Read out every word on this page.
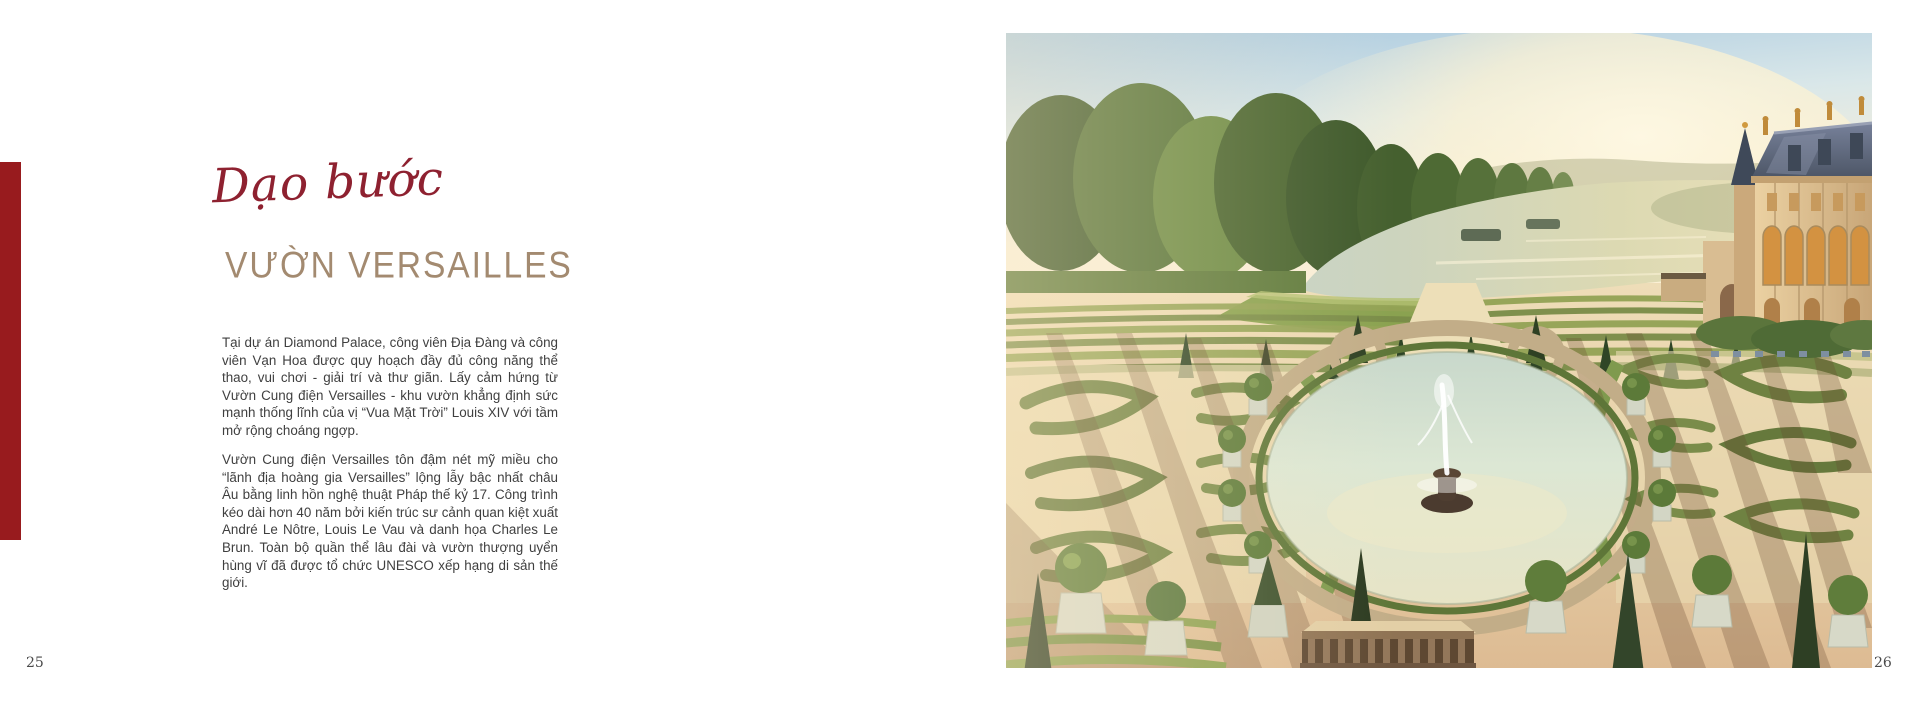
Dạo bước
VƯỜN VERSAILLES

Tại dự án Diamond Palace, công viên Địa Đàng và công viên Vạn Hoa được quy hoạch đầy đủ công năng thể thao, vui chơi - giải trí và thư giãn. Lấy cảm hứng từ Vườn Cung điện Versailles - khu vườn khẳng định sức mạnh thống lĩnh của vị “Vua Mặt Trời” Louis XIV với tầm mở rộng choáng ngợp.

Vườn Cung điện Versailles tôn đậm nét mỹ miều cho “lãnh địa hoàng gia Versailles” lộng lẫy bậc nhất châu Âu bằng linh hồn nghệ thuật Pháp thế kỷ 17. Công trình kéo dài hơn 40 năm bởi kiến trúc sư cảnh quan kiệt xuất André Le Nôtre, Louis Le Vau và danh họa Charles Le Brun. Toàn bộ quần thể lâu đài và vườn thượng uyển hùng vĩ đã được tổ chức UNESCO xếp hạng di sản thế giới.

25	26
